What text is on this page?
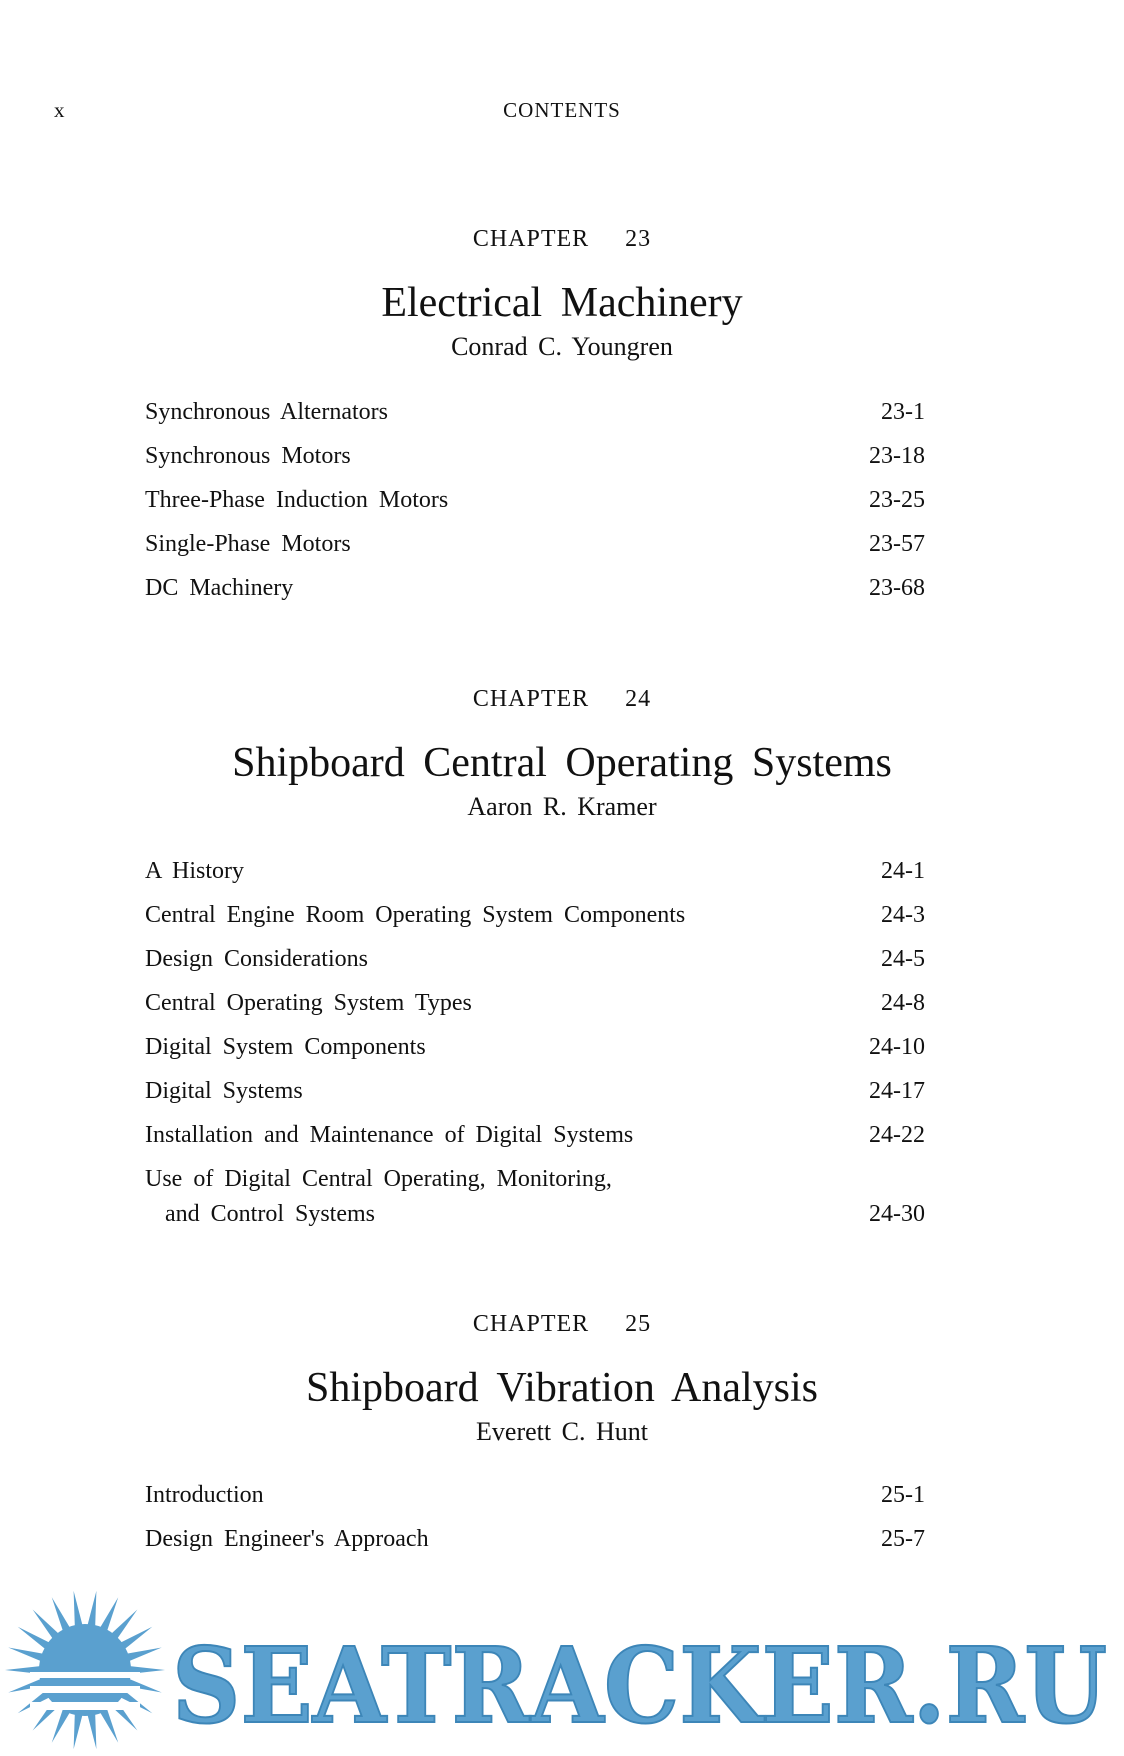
x	CONTENTS
CHAPTER 23
Electrical Machinery
Conrad C. Youngren
Synchronous Alternators	23-1
Synchronous Motors	23-18
Three-Phase Induction Motors	23-25
Single-Phase Motors	23-57
DC Machinery	23-68
CHAPTER 24
Shipboard Central Operating Systems
Aaron R. Kramer
A History	24-1
Central Engine Room Operating System Components	24-3
Design Considerations	24-5
Central Operating System Types	24-8
Digital System Components	24-10
Digital Systems	24-17
Installation and Maintenance of Digital Systems	24-22
Use of Digital Central Operating, Monitoring,
and Control Systems	24-30
CHAPTER 25
Shipboard Vibration Analysis
Everett C. Hunt
Introduction	25-1
Design Engineer's Approach	25-7
SEATRACKER.RU
